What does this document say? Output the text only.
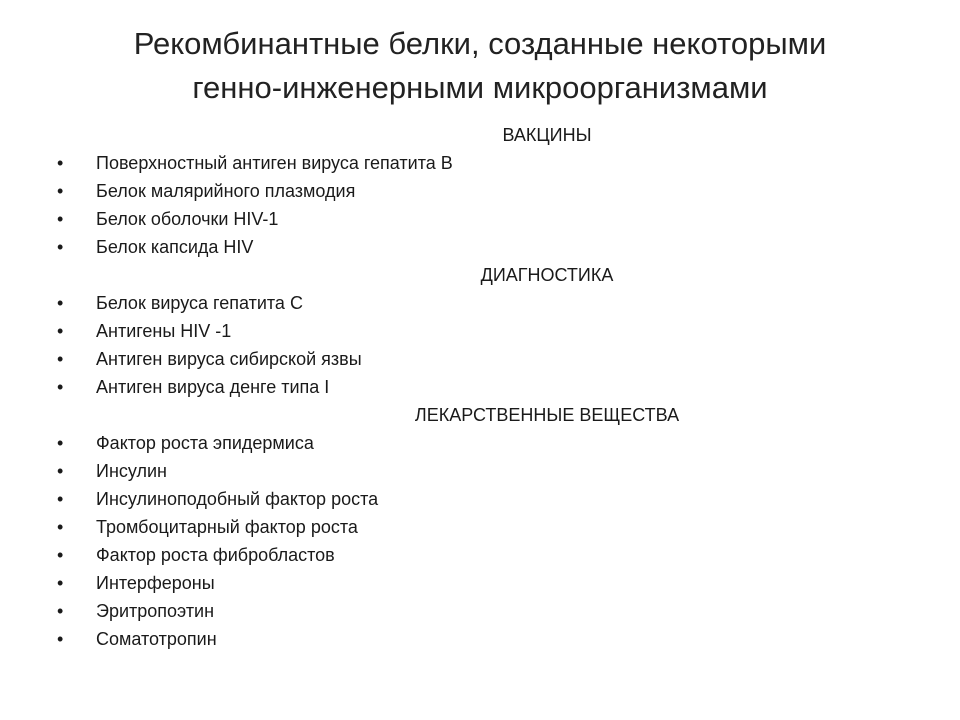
Рекомбинантные белки, созданные некоторыми
генно-инженерными микроорганизмами
ВАКЦИНЫ
•	Поверхностный антиген вируса гепатита В
•	Белок малярийного плазмодия
•	Белок оболочки HIV-1
•	Белок капсида HIV
ДИАГНОСТИКА
•	Белок вируса гепатита С
•	Антигены HIV -1
•	Антиген вируса сибирской язвы
•	Антиген вируса денге типа I
ЛЕКАРСТВЕННЫЕ ВЕЩЕСТВА
•	Фактор роста эпидермиса
•	Инсулин
•	Инсулиноподобный фактор роста
•	Тромбоцитарный фактор роста
•	Фактор роста фибробластов
•	Интерфероны
•	Эритропоэтин
•	Соматотропин
